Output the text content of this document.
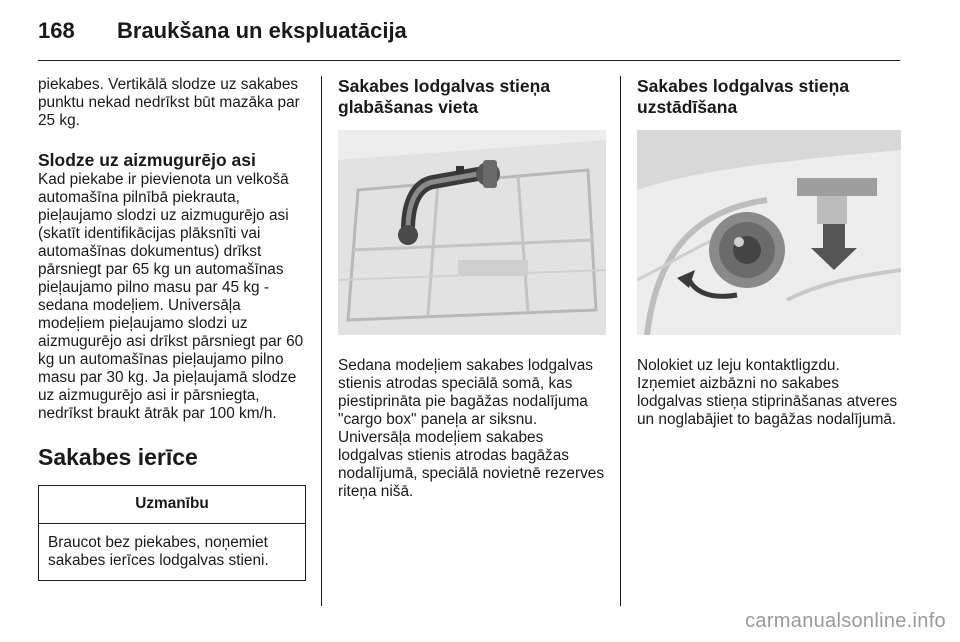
168 Braukšana un ekspluatācija

piekabes. Vertikālā slodze uz sakabes punktu nekad nedrīkst būt mazāka par 25 kg.

Slodze uz aizmugurējo asi

Kad piekabe ir pievienota un velkošā automašīna pilnībā piekrauta, pieļaujamo slodzi uz aizmugurējo asi (skatīt identifikācijas plāksnīti vai automašīnas dokumentus) drīkst pārsniegt par 65 kg un automašīnas pieļaujamo pilno masu par 45 kg - sedana modeļiem. Universāļa modeļiem pieļaujamo slodzi uz aizmugurējo asi drīkst pārsniegt par 60 kg un automašīnas pieļaujamo pilno masu par 30 kg. Ja pieļaujamā slodze uz aizmugurējo asi ir pārsniegta, nedrīkst braukt ātrāk par 100 km/h.

Sakabes ierīce
Uzmanību

Braucot bez piekabes, noņemiet sakabes ierīces lodgalvas stieni.

Sakabes lodgalvas stieņa glabāšanas vieta

Sedana modeļiem sakabes lodgalvas stienis atrodas speciālā somā, kas piestiprināta pie bagāžas nodalījuma "cargo box" paneļa ar siksnu. Universāļa modeļiem sakabes lodgalvas stienis atrodas bagāžas nodalījumā, speciālā novietnē rezerves riteņa nišā.

Sakabes lodgalvas stieņa uzstādīšana

Nolokiet uz leju kontaktligzdu. Izņemiet aizbāzni no sakabes lodgalvas stieņa stiprināšanas atveres un noglabājiet to bagāžas nodalījumā.

carmanualsonline.info
